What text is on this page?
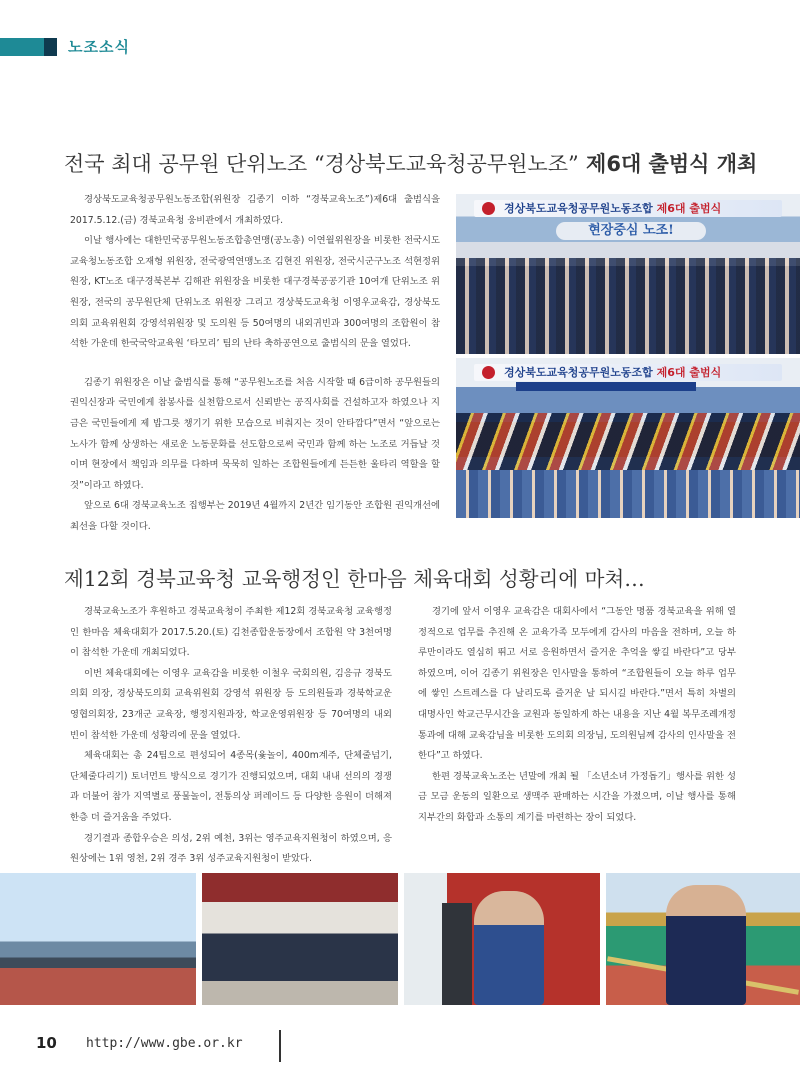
노조소식
전국 최대 공무원 단위노조 “경상북도교육청공무원노조” 제6대 출범식 개최

경상북도교육청공무원노동조합(위원장 김종기 이하 “경북교육노조”)제6대 출범식을 2017.5.12.(금) 경북교육청 웅비관에서 개최하였다.

이날 행사에는 대한민국공무원노동조합총연맹(공노총) 이연월위원장을 비롯한 전국시도교육청노동조합 오재형 위원장, 전국광역연맹노조 김현진 위원장, 전국시군구노조 석현정위원장, KT노조 대구경북본부 김해관 위원장을 비롯한 대구경북공공기관 10여개 단위노조 위원장, 전국의 공무원단체 단위노조 위원장 그리고 경상북도교육청 이영우교육감, 경상북도의회 교육위원회 강영석위원장 및 도의원 등 50여명의 내외귀빈과 300여명의 조합원이 참석한 가운데 한국국악교육원 ‘타모리’ 팀의 난타 축하공연으로 출범식의 문을 열었다.

김종기 위원장은 이날 출범식를 통해 “공무원노조를 처음 시작할 때 6급이하 공무원들의 권익신장과 국민에게 참봉사를 실천함으로서 신뢰받는 공직사회를 건설하고자 하였으나 지금은 국민들에게 제 밥그릇 챙기기 위한 모습으로 비춰지는 것이 안타깝다”면서 “앞으로는 노사가 함께 상생하는 새로운 노동문화를 선도함으로써 국민과 함께 하는 노조로 거듭날 것이며 현장에서 책임과 의무를 다하며 묵묵히 일하는 조합원들에게 든든한 울타리 역할을 할 것”이라고 하였다.

앞으로 6대 경북교육노조 집행부는 2019년 4월까지 2년간 임기동안 조합원 권익개선에 최선을 다할 것이다.

경상북도교육청공무원노동조합 제6대 출범식
현장중심 노조!
경상북도교육청공무원노동조합 제6대 출범식
제12회 경북교육청 교육행정인 한마음 체육대회 성황리에 마쳐…

경북교육노조가 후원하고 경북교육청이 주최한 제12회 경북교육청 교육행정인 한마음 체육대회가 2017.5.20.(토) 김천종합운동장에서 조합원 약 3천여명이 참석한 가운데 개최되었다.

이번 체육대회에는 이영우 교육감을 비롯한 이철우 국회의원, 김응규 경북도의회 의장, 경상북도의회 교육위원회 강영석 위원장 등 도의원들과 경북학교운영협의회장, 23개군 교육장, 행정지원과장, 학교운영위원장 등 70여명의 내외빈이 참석한 가운데 성황리에 문을 열었다.

체육대회는 총 24팀으로 편성되어 4종목(윷놀이, 400m계주, 단체줄넘기, 단체줄다리기) 토너먼트 방식으로 경기가 진행되었으며, 대회 내내 선의의 경쟁과 더불어 참가 지역별로 풍물놀이, 전통의상 퍼레이드 등 다양한 응원이 더해져 한층 더 즐거움을 주었다.

경기결과 종합우승은 의성, 2위 예천, 3위는 영주교육지원청이 하였으며, 응원상에는 1위 영천, 2위 경주 3위 성주교육지원청이 받았다.

경기에 앞서 이영우 교육감은 대회사에서 “그동안 명품 경북교육을 위해 열정적으로 업무를 추진해 온 교육가족 모두에게 감사의 마음을 전하며, 오늘 하루만이라도 열심히 뛰고 서로 응원하면서 즐거운 추억을 쌓길 바란다”고 당부하였으며, 이어 김종기 위원장은 인사말을 통하여 “조합원들이 오늘 하루 업무에 쌓인 스트레스를 다 날리도록 즐거운 날 되시길 바란다.”면서 특히 차별의 대명사인 학교근무시간을 교원과 동일하게 하는 내용을 지난 4월 복무조례개정 통과에 대해 교육감님을 비롯한 도의회 의장님, 도의원님께 감사의 인사말을 전한다”고 하였다.

한편 경북교육노조는 년말에 개최 될 「소년소녀 가정돕기」행사를 위한 성금 모금 운동의 일환으로 생맥주 판매하는 시간을 가졌으며, 이날 행사를 통해 지부간의 화합과 소통의 계기를 마련하는 장이 되었다.

10 http://www.gbe.or.kr
